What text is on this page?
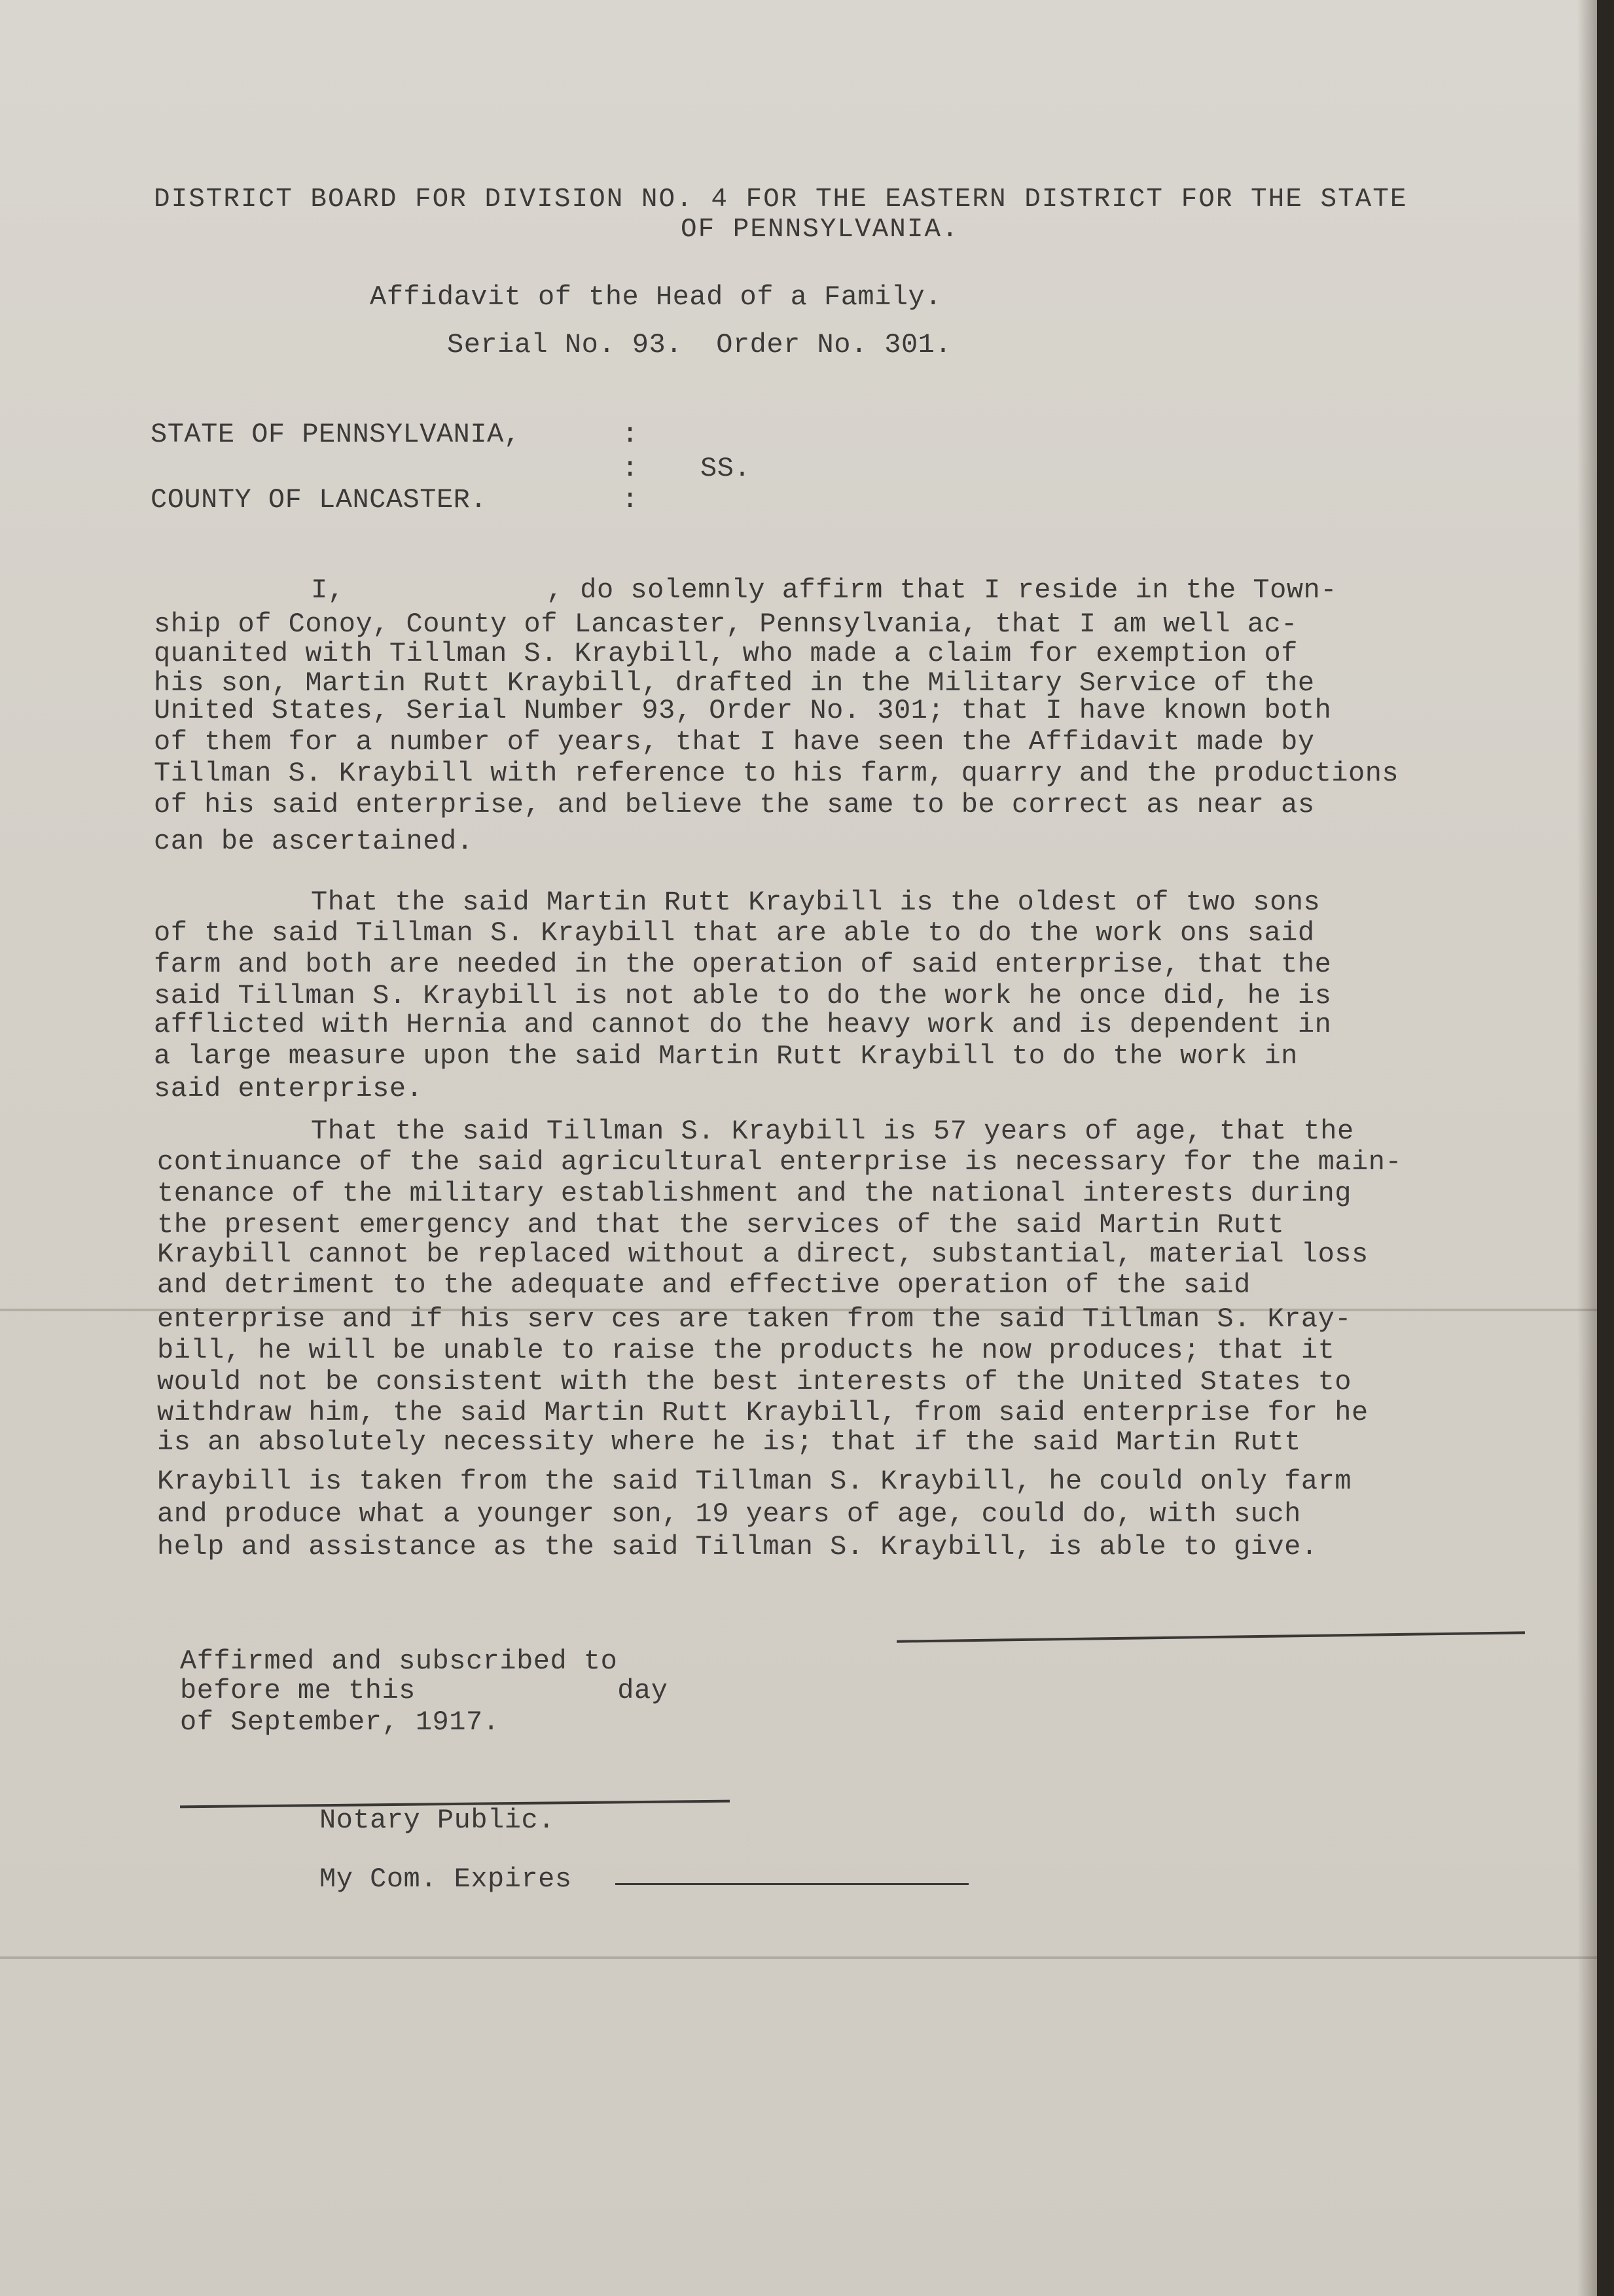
DISTRICT BOARD FOR DIVISION NO. 4 FOR THE EASTERN DISTRICT FOR THE STATE
OF PENNSYLVANIA.
Affidavit of the Head of a Family.
Serial No. 93.  Order No. 301.
STATE OF PENNSYLVANIA,	:
: SS.
COUNTY OF LANCASTER.	:
I,            , do solemnly affirm that I reside in the Town-
ship of Conoy, County of Lancaster, Pennsylvania, that I am well ac-
quanited with Tillman S. Kraybill, who made a claim for exemption of
his son, Martin Rutt Kraybill, drafted in the Military Service of the
United States, Serial Number 93, Order No. 301; that I have known both
of them for a number of years, that I have seen the Affidavit made by
Tillman S. Kraybill with reference to his farm, quarry and the productions
of his said enterprise, and believe the same to be correct as near as
can be ascertained.
That the said Martin Rutt Kraybill is the oldest of two sons
of the said Tillman S. Kraybill that are able to do the work ons said
farm and both are needed in the operation of said enterprise, that the
said Tillman S. Kraybill is not able to do the work he once did, he is
afflicted with Hernia and cannot do the heavy work and is dependent in
a large measure upon the said Martin Rutt Kraybill to do the work in
said enterprise.
That the said Tillman S. Kraybill is 57 years of age, that the
continuance of the said agricultural enterprise is necessary for the main-
tenance of the military establishment and the national interests during
the present emergency and that the services of the said Martin Rutt
Kraybill cannot be replaced without a direct, substantial, material loss
and detriment to the adequate and effective operation of the said
enterprise and if his serv ces are taken from the said Tillman S. Kray-
bill, he will be unable to raise the products he now produces; that it
would not be consistent with the best interests of the United States to
withdraw him, the said Martin Rutt Kraybill, from said enterprise for he
is an absolutely necessity where he is; that if the said Martin Rutt
Kraybill is taken from the said Tillman S. Kraybill, he could only farm
and produce what a younger son, 19 years of age, could do, with such
help and assistance as the said Tillman S. Kraybill, is able to give.
Affirmed and subscribed to
before me this            day
of September, 1917.
Notary Public.
My Com. Expires
